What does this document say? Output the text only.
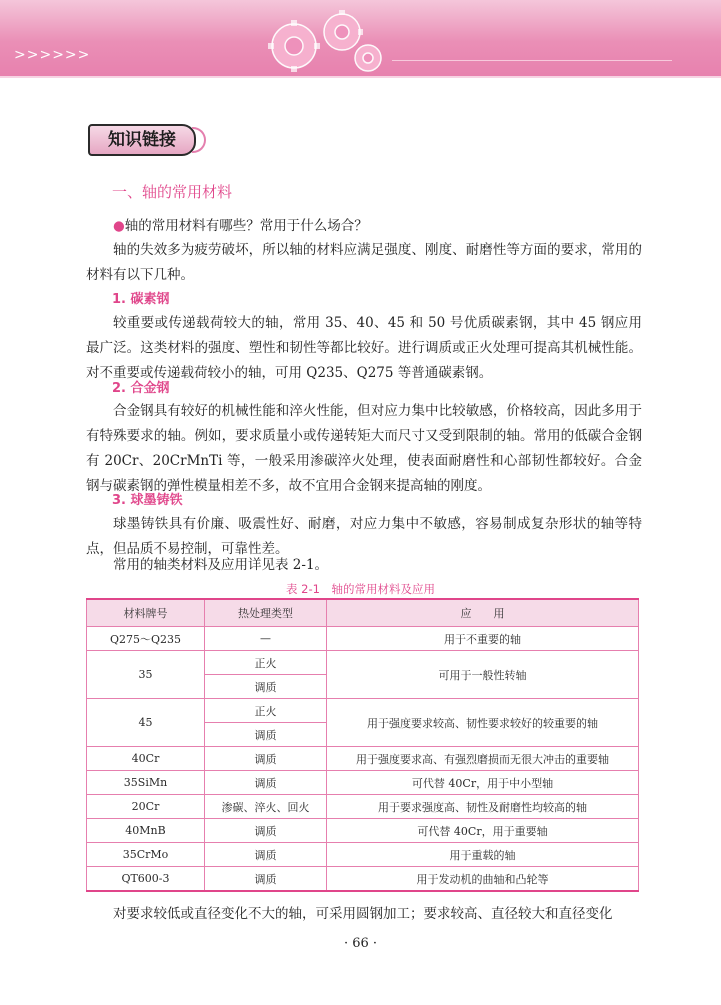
>>>>>>
知识链接
一、轴的常用材料
●轴的常用材料有哪些？常用于什么场合？
轴的失效多为疲劳破坏，所以轴的材料应满足强度、刚度、耐磨性等方面的要求，常用的材料有以下几种。
1. 碳素钢
较重要或传递载荷较大的轴，常用 35、40、45 和 50 号优质碳素钢，其中 45 钢应用最广泛。这类材料的强度、塑性和韧性等都比较好。进行调质或正火处理可提高其机械性能。对不重要或传递载荷较小的轴，可用 Q235、Q275 等普通碳素钢。
2. 合金钢
合金钢具有较好的机械性能和淬火性能，但对应力集中比较敏感，价格较高，因此多用于有特殊要求的轴。例如，要求质量小或传递转矩大而尺寸又受到限制的轴。常用的低碳合金钢有 20Cr、20CrMnTi 等，一般采用渗碳淬火处理，使表面耐磨性和心部韧性都较好。合金钢与碳素钢的弹性模量相差不多，故不宜用合金钢来提高轴的刚度。
3. 球墨铸铁
球墨铸铁具有价廉、吸震性好、耐磨，对应力集中不敏感，容易制成复杂形状的轴等特点，但品质不易控制，可靠性差。
常用的轴类材料及应用详见表 2-1。
表 2-1　轴的常用材料及应用
材料牌号	热处理类型	应　　用
Q275～Q235	—	用于不重要的轴
35	正火	可用于一般性转轴
	调质	
45	正火	用于强度要求较高、韧性要求较好的较重要的轴
	调质	
40Cr	调质	用于强度要求高、有强烈磨损而无很大冲击的重要轴
35SiMn	调质	可代替 40Cr，用于中小型轴
20Cr	渗碳、淬火、回火	用于要求强度高、韧性及耐磨性均较高的轴
40MnB	调质	可代替 40Cr，用于重要轴
35CrMo	调质	用于重载的轴
QT600-3	调质	用于发动机的曲轴和凸轮等
对要求较低或直径变化不大的轴，可采用圆钢加工；要求较高、直径较大和直径变化
· 66 ·
